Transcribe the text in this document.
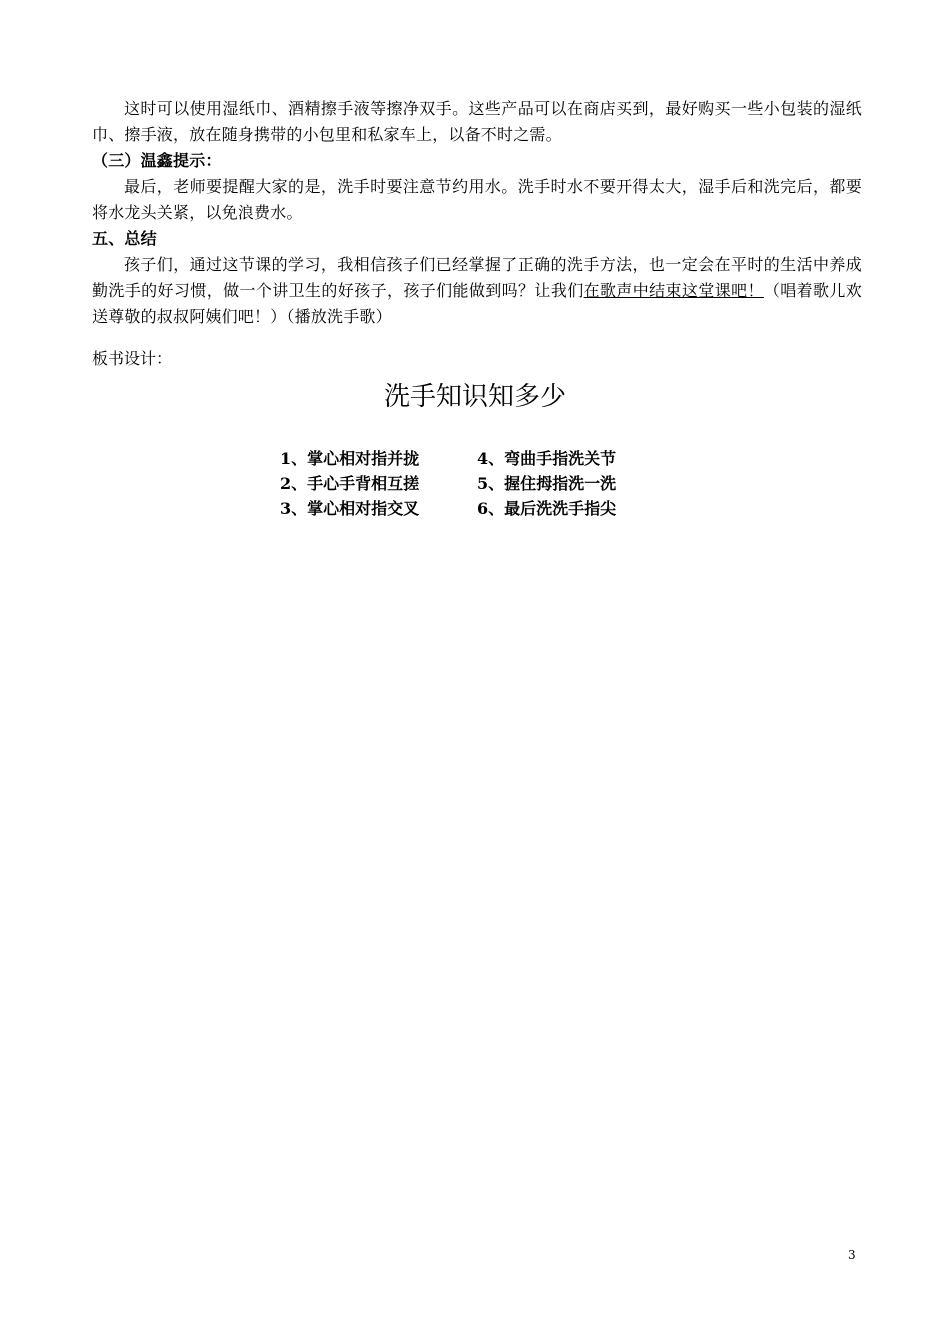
这时可以使用湿纸巾、酒精擦手液等擦净双手。这些产品可以在商店买到，最好购买一些小包装的湿纸巾、擦手液，放在随身携带的小包里和私家车上，以备不时之需。

（三）温鑫提示：

最后，老师要提醒大家的是，洗手时要注意节约用水。洗手时水不要开得太大，湿手后和洗完后，都要将水龙头关紧，以免浪费水。

五、总结

孩子们，通过这节课的学习，我相信孩子们已经掌握了正确的洗手方法，也一定会在平时的生活中养成勤洗手的好习惯，做一个讲卫生的好孩子，孩子们能做到吗？让我们在歌声中结束这堂课吧！（唱着歌儿欢送尊敬的叔叔阿姨们吧！）（播放洗手歌）

板书设计：
洗手知识知多少
1、掌心相对指并拢	4、弯曲手指洗关节
2、手心手背相互搓	5、握住拇指洗一洗
3、掌心相对指交叉	6、最后洗洗手指尖
3
